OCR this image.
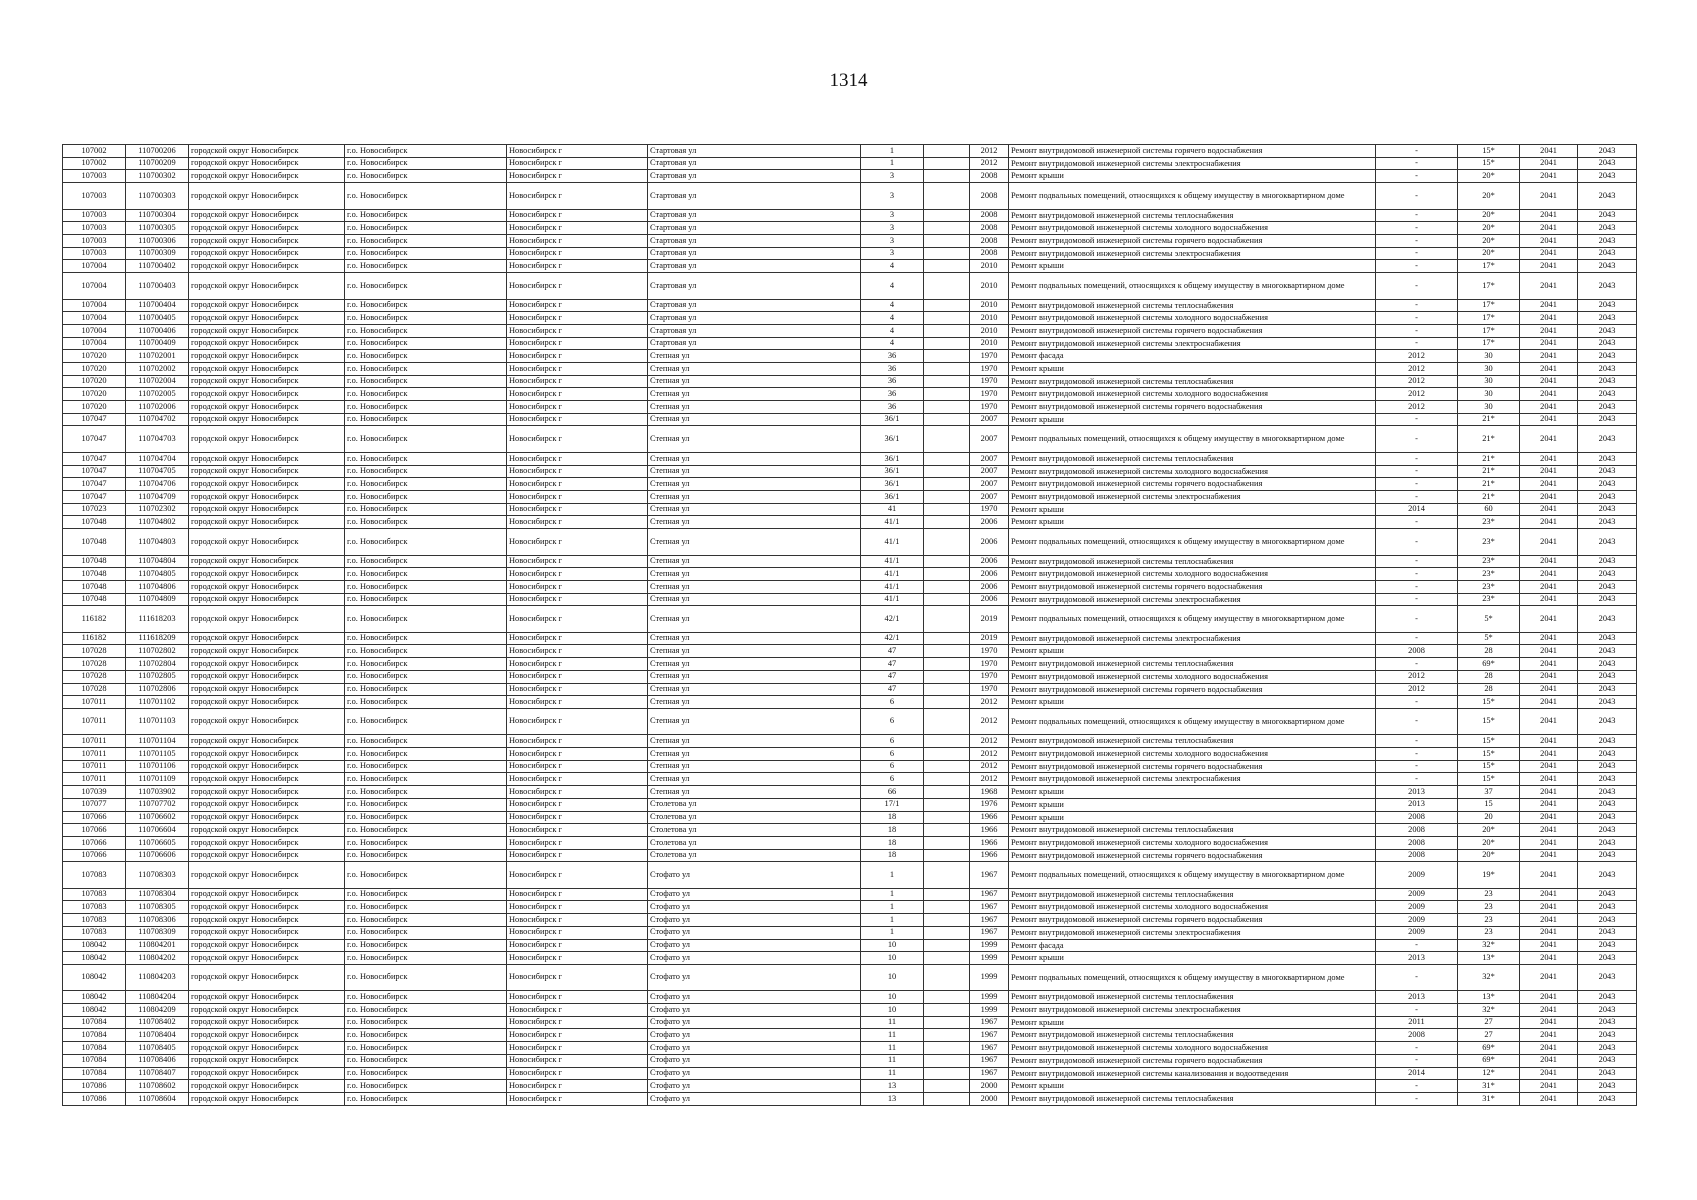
1314
107002	110700206	городской округ Новосибирск	г.о. Новосибирск	Новосибирск г	Стартовая ул	1		2012	Ремонт внутридомовой инженерной системы горячего водоснабжения	-	15*	2041	2043
107002	110700209	городской округ Новосибирск	г.о. Новосибирск	Новосибирск г	Стартовая ул	1		2012	Ремонт внутридомовой инженерной системы электроснабжения	-	15*	2041	2043
107003	110700302	городской округ Новосибирск	г.о. Новосибирск	Новосибирск г	Стартовая ул	3		2008	Ремонт крыши	-	20*	2041	2043
107003	110700303	городской округ Новосибирск	г.о. Новосибирск	Новосибирск г	Стартовая ул	3		2008	Ремонт подвальных помещений, относящихся к общему имуществу в многоквартирном доме	-	20*	2041	2043
107003	110700304	городской округ Новосибирск	г.о. Новосибирск	Новосибирск г	Стартовая ул	3		2008	Ремонт внутридомовой инженерной системы теплоснабжения	-	20*	2041	2043
107003	110700305	городской округ Новосибирск	г.о. Новосибирск	Новосибирск г	Стартовая ул	3		2008	Ремонт внутридомовой инженерной системы холодного водоснабжения	-	20*	2041	2043
107003	110700306	городской округ Новосибирск	г.о. Новосибирск	Новосибирск г	Стартовая ул	3		2008	Ремонт внутридомовой инженерной системы горячего водоснабжения	-	20*	2041	2043
107003	110700309	городской округ Новосибирск	г.о. Новосибирск	Новосибирск г	Стартовая ул	3		2008	Ремонт внутридомовой инженерной системы электроснабжения	-	20*	2041	2043
107004	110700402	городской округ Новосибирск	г.о. Новосибирск	Новосибирск г	Стартовая ул	4		2010	Ремонт крыши	-	17*	2041	2043
107004	110700403	городской округ Новосибирск	г.о. Новосибирск	Новосибирск г	Стартовая ул	4		2010	Ремонт подвальных помещений, относящихся к общему имуществу в многоквартирном доме	-	17*	2041	2043
107004	110700404	городской округ Новосибирск	г.о. Новосибирск	Новосибирск г	Стартовая ул	4		2010	Ремонт внутридомовой инженерной системы теплоснабжения	-	17*	2041	2043
107004	110700405	городской округ Новосибирск	г.о. Новосибирск	Новосибирск г	Стартовая ул	4		2010	Ремонт внутридомовой инженерной системы холодного водоснабжения	-	17*	2041	2043
107004	110700406	городской округ Новосибирск	г.о. Новосибирск	Новосибирск г	Стартовая ул	4		2010	Ремонт внутридомовой инженерной системы горячего водоснабжения	-	17*	2041	2043
107004	110700409	городской округ Новосибирск	г.о. Новосибирск	Новосибирск г	Стартовая ул	4		2010	Ремонт внутридомовой инженерной системы электроснабжения	-	17*	2041	2043
107020	110702001	городской округ Новосибирск	г.о. Новосибирск	Новосибирск г	Степная ул	36		1970	Ремонт фасада	2012	30	2041	2043
107020	110702002	городской округ Новосибирск	г.о. Новосибирск	Новосибирск г	Степная ул	36		1970	Ремонт крыши	2012	30	2041	2043
107020	110702004	городской округ Новосибирск	г.о. Новосибирск	Новосибирск г	Степная ул	36		1970	Ремонт внутридомовой инженерной системы теплоснабжения	2012	30	2041	2043
107020	110702005	городской округ Новосибирск	г.о. Новосибирск	Новосибирск г	Степная ул	36		1970	Ремонт внутридомовой инженерной системы холодного водоснабжения	2012	30	2041	2043
107020	110702006	городской округ Новосибирск	г.о. Новосибирск	Новосибирск г	Степная ул	36		1970	Ремонт внутридомовой инженерной системы горячего водоснабжения	2012	30	2041	2043
107047	110704702	городской округ Новосибирск	г.о. Новосибирск	Новосибирск г	Степная ул	36/1		2007	Ремонт крыши	-	21*	2041	2043
107047	110704703	городской округ Новосибирск	г.о. Новосибирск	Новосибирск г	Степная ул	36/1		2007	Ремонт подвальных помещений, относящихся к общему имуществу в многоквартирном доме	-	21*	2041	2043
107047	110704704	городской округ Новосибирск	г.о. Новосибирск	Новосибирск г	Степная ул	36/1		2007	Ремонт внутридомовой инженерной системы теплоснабжения	-	21*	2041	2043
107047	110704705	городской округ Новосибирск	г.о. Новосибирск	Новосибирск г	Степная ул	36/1		2007	Ремонт внутридомовой инженерной системы холодного водоснабжения	-	21*	2041	2043
107047	110704706	городской округ Новосибирск	г.о. Новосибирск	Новосибирск г	Степная ул	36/1		2007	Ремонт внутридомовой инженерной системы горячего водоснабжения	-	21*	2041	2043
107047	110704709	городской округ Новосибирск	г.о. Новосибирск	Новосибирск г	Степная ул	36/1		2007	Ремонт внутридомовой инженерной системы электроснабжения	-	21*	2041	2043
107023	110702302	городской округ Новосибирск	г.о. Новосибирск	Новосибирск г	Степная ул	41		1970	Ремонт крыши	2014	60	2041	2043
107048	110704802	городской округ Новосибирск	г.о. Новосибирск	Новосибирск г	Степная ул	41/1		2006	Ремонт крыши	-	23*	2041	2043
107048	110704803	городской округ Новосибирск	г.о. Новосибирск	Новосибирск г	Степная ул	41/1		2006	Ремонт подвальных помещений, относящихся к общему имуществу в многоквартирном доме	-	23*	2041	2043
107048	110704804	городской округ Новосибирск	г.о. Новосибирск	Новосибирск г	Степная ул	41/1		2006	Ремонт внутридомовой инженерной системы теплоснабжения	-	23*	2041	2043
107048	110704805	городской округ Новосибирск	г.о. Новосибирск	Новосибирск г	Степная ул	41/1		2006	Ремонт внутридомовой инженерной системы холодного водоснабжения	-	23*	2041	2043
107048	110704806	городской округ Новосибирск	г.о. Новосибирск	Новосибирск г	Степная ул	41/1		2006	Ремонт внутридомовой инженерной системы горячего водоснабжения	-	23*	2041	2043
107048	110704809	городской округ Новосибирск	г.о. Новосибирск	Новосибирск г	Степная ул	41/1		2006	Ремонт внутридомовой инженерной системы электроснабжения	-	23*	2041	2043
116182	111618203	городской округ Новосибирск	г.о. Новосибирск	Новосибирск г	Степная ул	42/1		2019	Ремонт подвальных помещений, относящихся к общему имуществу в многоквартирном доме	-	5*	2041	2043
116182	111618209	городской округ Новосибирск	г.о. Новосибирск	Новосибирск г	Степная ул	42/1		2019	Ремонт внутридомовой инженерной системы электроснабжения	-	5*	2041	2043
107028	110702802	городской округ Новосибирск	г.о. Новосибирск	Новосибирск г	Степная ул	47		1970	Ремонт крыши	2008	28	2041	2043
107028	110702804	городской округ Новосибирск	г.о. Новосибирск	Новосибирск г	Степная ул	47		1970	Ремонт внутридомовой инженерной системы теплоснабжения	-	69*	2041	2043
107028	110702805	городской округ Новосибирск	г.о. Новосибирск	Новосибирск г	Степная ул	47		1970	Ремонт внутридомовой инженерной системы холодного водоснабжения	2012	28	2041	2043
107028	110702806	городской округ Новосибирск	г.о. Новосибирск	Новосибирск г	Степная ул	47		1970	Ремонт внутридомовой инженерной системы горячего водоснабжения	2012	28	2041	2043
107011	110701102	городской округ Новосибирск	г.о. Новосибирск	Новосибирск г	Степная ул	6		2012	Ремонт крыши	-	15*	2041	2043
107011	110701103	городской округ Новосибирск	г.о. Новосибирск	Новосибирск г	Степная ул	6		2012	Ремонт подвальных помещений, относящихся к общему имуществу в многоквартирном доме	-	15*	2041	2043
107011	110701104	городской округ Новосибирск	г.о. Новосибирск	Новосибирск г	Степная ул	6		2012	Ремонт внутридомовой инженерной системы теплоснабжения	-	15*	2041	2043
107011	110701105	городской округ Новосибирск	г.о. Новосибирск	Новосибирск г	Степная ул	6		2012	Ремонт внутридомовой инженерной системы холодного водоснабжения	-	15*	2041	2043
107011	110701106	городской округ Новосибирск	г.о. Новосибирск	Новосибирск г	Степная ул	6		2012	Ремонт внутридомовой инженерной системы горячего водоснабжения	-	15*	2041	2043
107011	110701109	городской округ Новосибирск	г.о. Новосибирск	Новосибирск г	Степная ул	6		2012	Ремонт внутридомовой инженерной системы электроснабжения	-	15*	2041	2043
107039	110703902	городской округ Новосибирск	г.о. Новосибирск	Новосибирск г	Степная ул	66		1968	Ремонт крыши	2013	37	2041	2043
107077	110707702	городской округ Новосибирск	г.о. Новосибирск	Новосибирск г	Столетова ул	17/1		1976	Ремонт крыши	2013	15	2041	2043
107066	110706602	городской округ Новосибирск	г.о. Новосибирск	Новосибирск г	Столетова ул	18		1966	Ремонт крыши	2008	20	2041	2043
107066	110706604	городской округ Новосибирск	г.о. Новосибирск	Новосибирск г	Столетова ул	18		1966	Ремонт внутридомовой инженерной системы теплоснабжения	2008	20*	2041	2043
107066	110706605	городской округ Новосибирск	г.о. Новосибирск	Новосибирск г	Столетова ул	18		1966	Ремонт внутридомовой инженерной системы холодного водоснабжения	2008	20*	2041	2043
107066	110706606	городской округ Новосибирск	г.о. Новосибирск	Новосибирск г	Столетова ул	18		1966	Ремонт внутридомовой инженерной системы горячего водоснабжения	2008	20*	2041	2043
107083	110708303	городской округ Новосибирск	г.о. Новосибирск	Новосибирск г	Стофато ул	1		1967	Ремонт подвальных помещений, относящихся к общему имуществу в многоквартирном доме	2009	19*	2041	2043
107083	110708304	городской округ Новосибирск	г.о. Новосибирск	Новосибирск г	Стофато ул	1		1967	Ремонт внутридомовой инженерной системы теплоснабжения	2009	23	2041	2043
107083	110708305	городской округ Новосибирск	г.о. Новосибирск	Новосибирск г	Стофато ул	1		1967	Ремонт внутридомовой инженерной системы холодного водоснабжения	2009	23	2041	2043
107083	110708306	городской округ Новосибирск	г.о. Новосибирск	Новосибирск г	Стофато ул	1		1967	Ремонт внутридомовой инженерной системы горячего водоснабжения	2009	23	2041	2043
107083	110708309	городской округ Новосибирск	г.о. Новосибирск	Новосибирск г	Стофато ул	1		1967	Ремонт внутридомовой инженерной системы электроснабжения	2009	23	2041	2043
108042	110804201	городской округ Новосибирск	г.о. Новосибирск	Новосибирск г	Стофато ул	10		1999	Ремонт фасада	-	32*	2041	2043
108042	110804202	городской округ Новосибирск	г.о. Новосибирск	Новосибирск г	Стофато ул	10		1999	Ремонт крыши	2013	13*	2041	2043
108042	110804203	городской округ Новосибирск	г.о. Новосибирск	Новосибирск г	Стофато ул	10		1999	Ремонт подвальных помещений, относящихся к общему имуществу в многоквартирном доме	-	32*	2041	2043
108042	110804204	городской округ Новосибирск	г.о. Новосибирск	Новосибирск г	Стофато ул	10		1999	Ремонт внутридомовой инженерной системы теплоснабжения	2013	13*	2041	2043
108042	110804209	городской округ Новосибирск	г.о. Новосибирск	Новосибирск г	Стофато ул	10		1999	Ремонт внутридомовой инженерной системы электроснабжения	-	32*	2041	2043
107084	110708402	городской округ Новосибирск	г.о. Новосибирск	Новосибирск г	Стофато ул	11		1967	Ремонт крыши	2011	27	2041	2043
107084	110708404	городской округ Новосибирск	г.о. Новосибирск	Новосибирск г	Стофато ул	11		1967	Ремонт внутридомовой инженерной системы теплоснабжения	2008	27	2041	2043
107084	110708405	городской округ Новосибирск	г.о. Новосибирск	Новосибирск г	Стофато ул	11		1967	Ремонт внутридомовой инженерной системы холодного водоснабжения	-	69*	2041	2043
107084	110708406	городской округ Новосибирск	г.о. Новосибирск	Новосибирск г	Стофато ул	11		1967	Ремонт внутридомовой инженерной системы горячего водоснабжения	-	69*	2041	2043
107084	110708407	городской округ Новосибирск	г.о. Новосибирск	Новосибирск г	Стофато ул	11		1967	Ремонт внутридомовой инженерной системы канализования и водоотведения	2014	12*	2041	2043
107086	110708602	городской округ Новосибирск	г.о. Новосибирск	Новосибирск г	Стофато ул	13		2000	Ремонт крыши	-	31*	2041	2043
107086	110708604	городской округ Новосибирск	г.о. Новосибирск	Новосибирск г	Стофато ул	13		2000	Ремонт внутридомовой инженерной системы теплоснабжения	-	31*	2041	2043
